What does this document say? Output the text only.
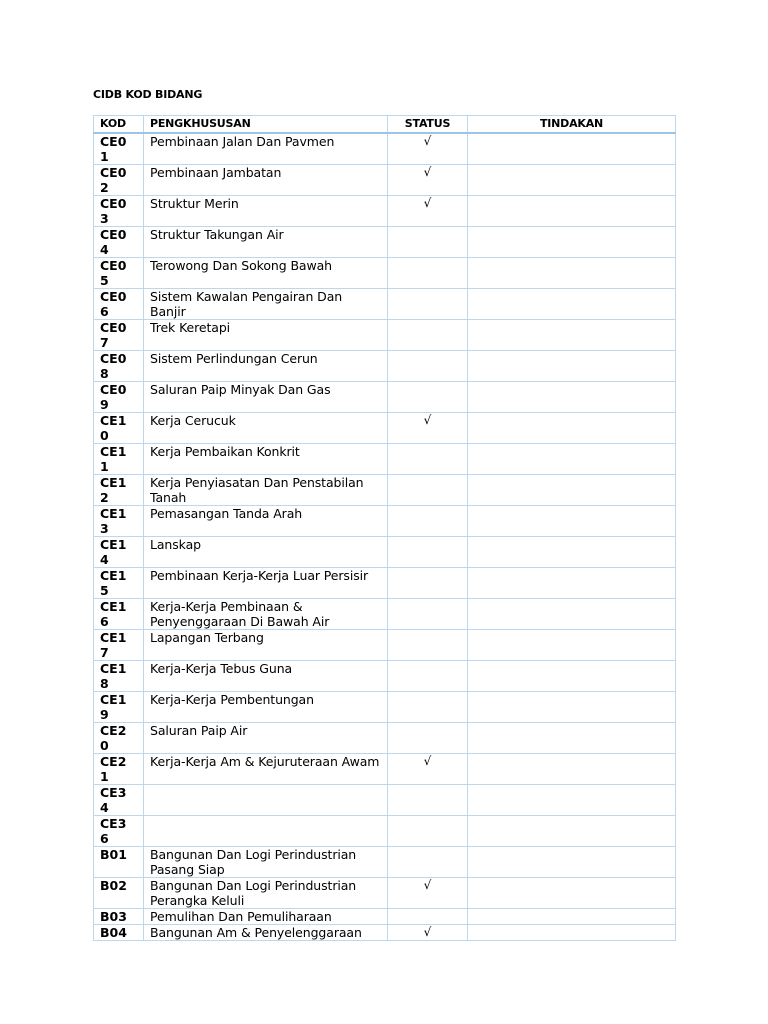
CIDB KOD BIDANG
KOD	PENGKHUSUSAN	STATUS	TINDAKAN

CE01	Pembinaan Jalan Dan Pavmen	√	

CE02	Pembinaan Jambatan	√	

CE03	Struktur Merin	√	

CE04	Struktur Takungan Air		

CE05	Terowong Dan Sokong Bawah		

CE06	Sistem Kawalan Pengairan Dan Banjir		

CE07	Trek Keretapi		

CE08	Sistem Perlindungan Cerun		

CE09	Saluran Paip Minyak Dan Gas		

CE10	Kerja Cerucuk	√	

CE11	Kerja Pembaikan Konkrit		

CE12	Kerja Penyiasatan Dan Penstabilan Tanah		

CE13	Pemasangan Tanda Arah		

CE14	Lanskap		

CE15	Pembinaan Kerja-Kerja Luar Persisir		

CE16	Kerja-Kerja Pembinaan & Penyenggaraan Di Bawah Air		

CE17	Lapangan Terbang		

CE18	Kerja-Kerja Tebus Guna		

CE19	Kerja-Kerja Pembentungan		

CE20	Saluran Paip Air		

CE21	Kerja-Kerja Am & Kejuruteraan Awam	√	

CE34			

CE36			

B01	Bangunan Dan Logi Perindustrian Pasang Siap		

B02	Bangunan Dan Logi Perindustrian Perangka Keluli	√	

B03	Pemulihan Dan Pemuliharaan		

B04	Bangunan Am & Penyelenggaraan	√	
